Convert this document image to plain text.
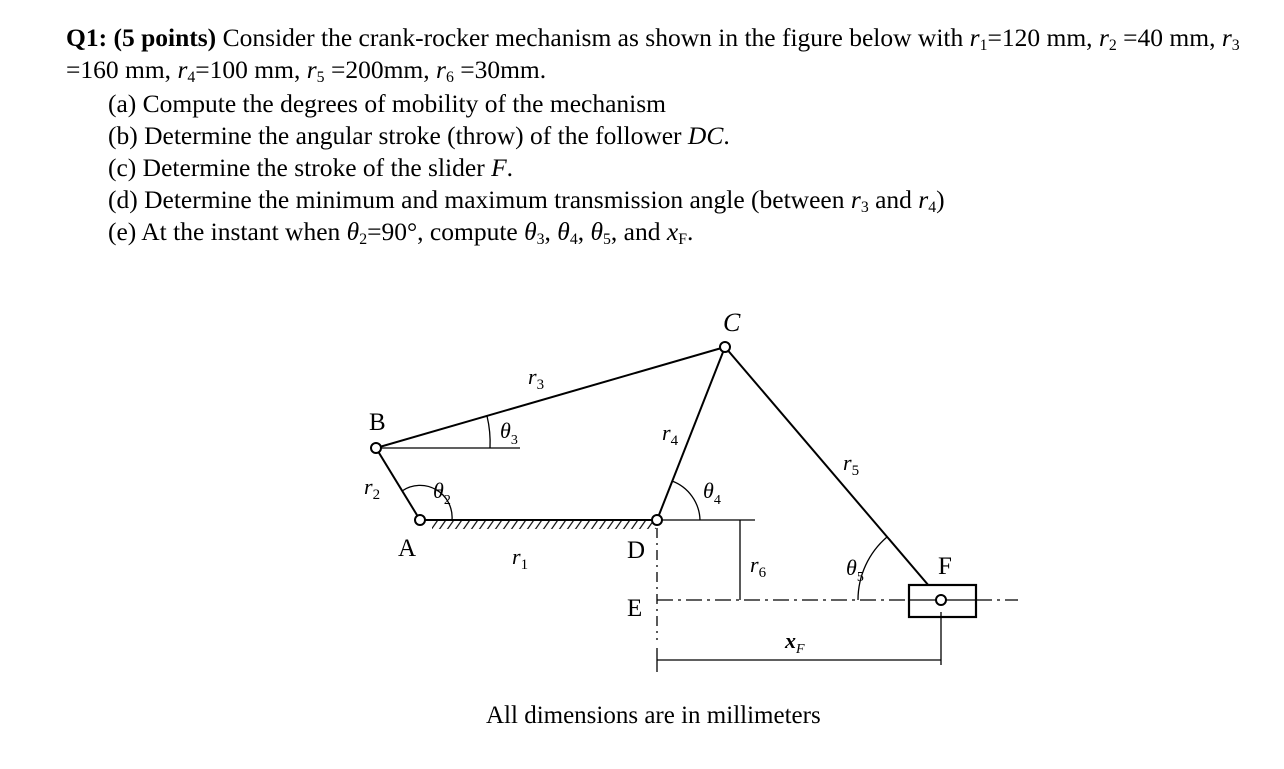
Q1: (5 points) Consider the crank-rocker mechanism as shown in the figure below with $r_1=120$ mm, $r_2 =40$ mm, $r_3 =160$ mm, $r_4=100$ mm, $r_5 =200mm$, $r_6 =30mm$.
(a) Compute the degrees of mobility of the mechanism
(b) Determine the angular stroke (throw) of the follower DC.
(c) Determine the stroke of the slider F.
(d) Determine the minimum and maximum transmission angle (between $r_3$ and $r_4$)
(e) At the instant when $\theta_2=90^\circ$, compute $\theta_3$, $\theta_4$, $\theta_5$, and $x_F$.
A
B
C
D
E
F
$r_1$
$r_2$
$r_3$
$r_4$
$r_5$
$r_6$
$\theta_2$
$\theta_3$
$\theta_4$
$\theta_5$
$x_F$
All dimensions are in millimeters
